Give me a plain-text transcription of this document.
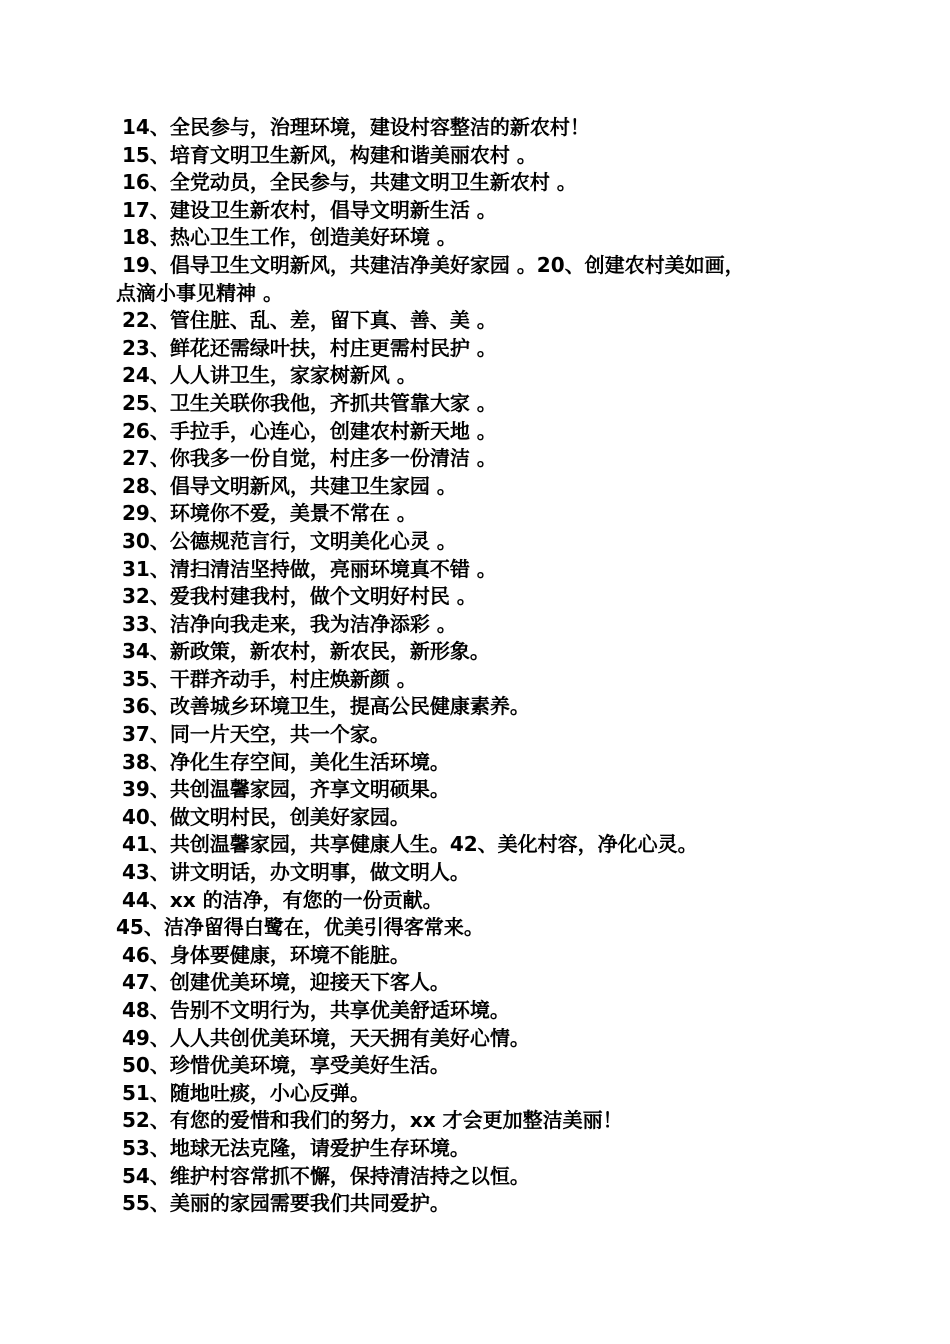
14、全民参与，治理环境，建设村容整洁的新农村！

15、培育文明卫生新风，构建和谐美丽农村 。

16、全党动员，全民参与，共建文明卫生新农村 。

17、建设卫生新农村，倡导文明新生活 。

18、热心卫生工作，创造美好环境 。

19、倡导卫生文明新风，共建洁净美好家园 。20、创建农村美如画，

点滴小事见精神 。

22、管住脏、乱、差，留下真、善、美 。

23、鲜花还需绿叶扶，村庄更需村民护 。

24、人人讲卫生，家家树新风 。

25、卫生关联你我他，齐抓共管靠大家 。

26、手拉手，心连心，创建农村新天地 。

27、你我多一份自觉，村庄多一份清洁 。

28、倡导文明新风，共建卫生家园 。

29、环境你不爱，美景不常在 。

30、公德规范言行，文明美化心灵 。

31、清扫清洁坚持做，亮丽环境真不错 。

32、爱我村建我村，做个文明好村民 。

33、洁净向我走来，我为洁净添彩 。

34、新政策，新农村，新农民，新形象。

35、干群齐动手，村庄焕新颜 。

36、改善城乡环境卫生，提高公民健康素养。

37、同一片天空，共一个家。

38、净化生存空间，美化生活环境。

39、共创温馨家园，齐享文明硕果。

40、做文明村民，创美好家园。

41、共创温馨家园，共享健康人生。42、美化村容，净化心灵。

43、讲文明话，办文明事，做文明人。

44、xx 的洁净，有您的一份贡献。

45、洁净留得白鹭在，优美引得客常来。

46、身体要健康，环境不能脏。

47、创建优美环境，迎接天下客人。

48、告别不文明行为，共享优美舒适环境。

49、人人共创优美环境，天天拥有美好心情。

50、珍惜优美环境，享受美好生活。

51、随地吐痰，小心反弹。

52、有您的爱惜和我们的努力，xx 才会更加整洁美丽！

53、地球无法克隆，请爱护生存环境。

54、维护村容常抓不懈，保持清洁持之以恒。

55、美丽的家园需要我们共同爱护。
